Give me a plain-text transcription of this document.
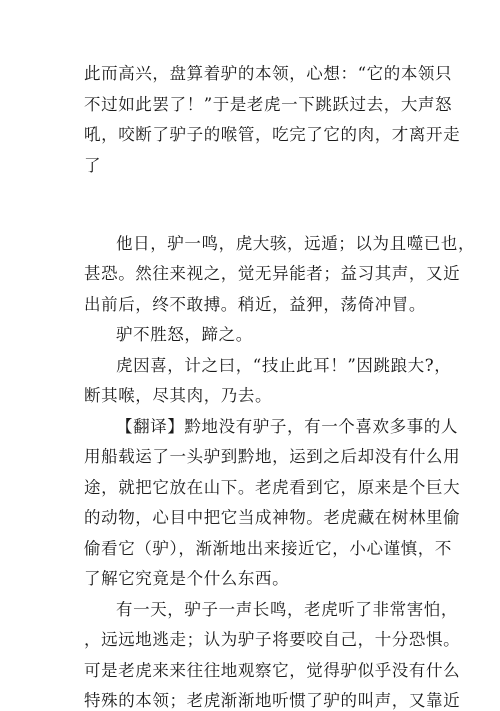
此而高兴，盘算着驴的本领，心想：“它的本领只
不过如此罢了！”于是老虎一下跳跃过去，大声怒
吼，咬断了驴子的喉管，吃完了它的肉，才离开走
了
他日，驴一鸣，虎大骇，远遁；以为且噬已也，
甚恐。然往来视之，觉无异能者；益习其声，又近
出前后，终不敢搏。稍近，益狎，荡倚冲冒。
驴不胜怒，蹄之。
虎因喜，计之曰，“技止此耳！”因跳踉大?，
断其喉，尽其肉，乃去。
【翻译】黔地没有驴子，有一个喜欢多事的人
用船载运了一头驴到黔地，运到之后却没有什么用
途，就把它放在山下。老虎看到它，原来是个巨大
的动物，心目中把它当成神物。老虎藏在树林里偷
偷看它（驴），渐渐地出来接近它，小心谨慎，不
了解它究竟是个什么东西。
有一天，驴子一声长鸣，老虎听了非常害怕，
，远远地逃走；认为驴子将要咬自己，十分恐惧。
可是老虎来来往往地观察它，觉得驴似乎没有什么
特殊的本领；老虎渐渐地听惯了驴的叫声，又靠近
